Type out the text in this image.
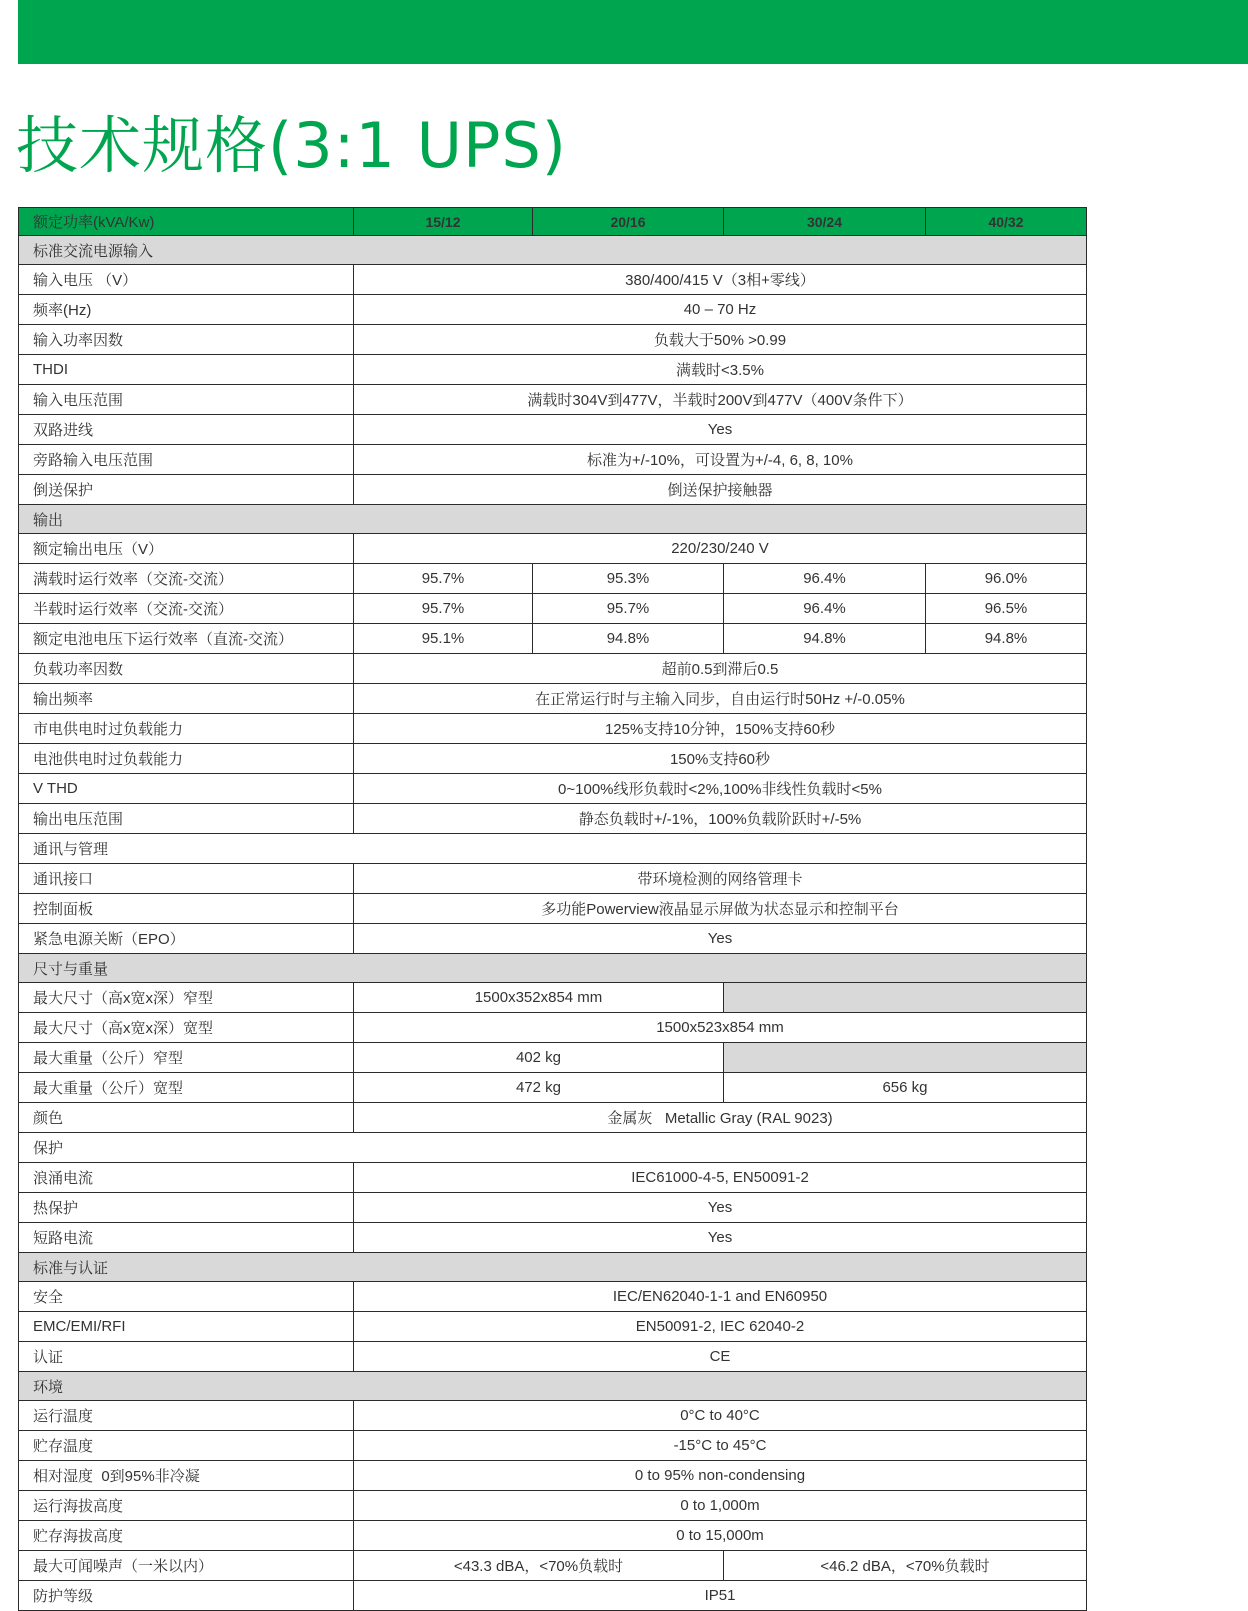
技术规格(3:1 UPS)
额定功率(kVA/Kw)	15/12	20/16	30/24	40/32
标准交流电源输入				
输入电压 （V）	380/400/415 V（3相+零线）			
频率(Hz)	40 – 70 Hz			
输入功率因数	负载大于50% >0.99			
THDI	满载时<3.5%			
输入电压范围	满载时304V到477V，半载时200V到477V（400V条件下）			
双路进线	Yes			
旁路输入电压范围	标准为+/-10%，可设置为+/-4, 6, 8, 10%			
倒送保护	倒送保护接触器			
输出				
额定输出电压（V）	220/230/240 V			
满载时运行效率（交流-交流）	95.7%	95.3%	96.4%	96.0%
半载时运行效率（交流-交流）	95.7%	95.7%	96.4%	96.5%
额定电池电压下运行效率（直流-交流）	95.1%	94.8%	94.8%	94.8%
负载功率因数	超前0.5到滞后0.5			
输出频率	在正常运行时与主输入同步，自由运行时50Hz +/-0.05%			
市电供电时过负载能力	125%支持10分钟，150%支持60秒			
电池供电时过负载能力	150%支持60秒			
V THD	0~100%线形负载时<2%,100%非线性负载时<5%			
输出电压范围	静态负载时+/-1%，100%负载阶跃时+/-5%			
通讯与管理				
通讯接口	带环境检测的网络管理卡			
控制面板	多功能Powerview液晶显示屏做为状态显示和控制平台			
紧急电源关断（EPO）	Yes			
尺寸与重量				
最大尺寸（高x宽x深）窄型	1500x352x854 mm			
最大尺寸（高x宽x深）宽型	1500x523x854 mm			
最大重量（公斤）窄型	402 kg			
最大重量（公斤）宽型	472 kg		656 kg	
颜色	金属灰   Metallic Gray (RAL 9023)			
保护				
浪涌电流	IEC61000-4-5, EN50091-2			
热保护	Yes			
短路电流	Yes			
标准与认证				
安全	IEC/EN62040-1-1 and EN60950			
EMC/EMI/RFI	EN50091-2, IEC 62040-2			
认证	CE			
环境				
运行温度	0°C to 40°C			
贮存温度	-15°C to 45°C			
相对湿度  0到95%非冷凝	0 to 95% non-condensing			
运行海拔高度	0 to 1,000m			
贮存海拔高度	0 to 15,000m			
最大可闻噪声（一米以内）	<43.3 dBA，<70%负载时		<46.2 dBA，<70%负载时	
防护等级	IP51			
